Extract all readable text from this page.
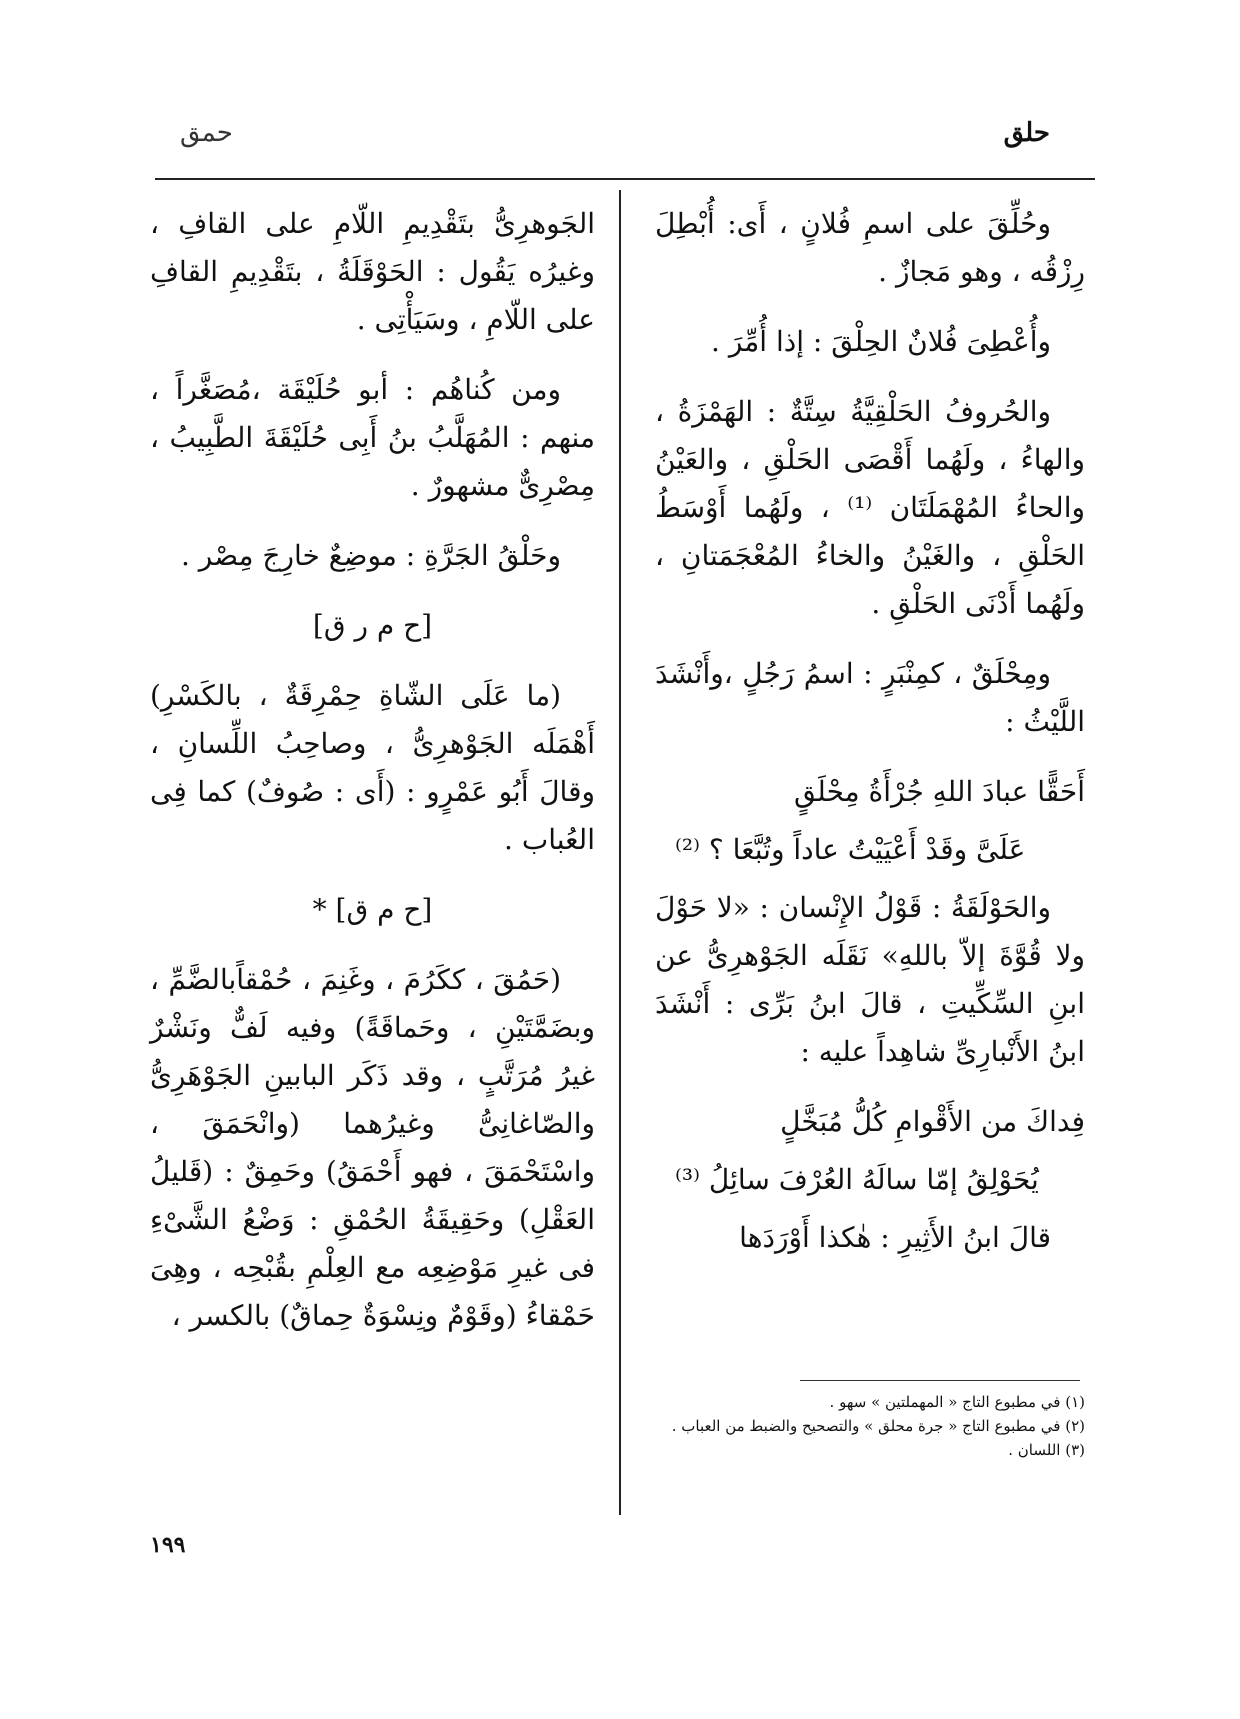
حلق
حمق

وحُلِّقَ على اسمِ فُلانٍ ، أَى: أُبْطِلَ رِزْقُه ، وهو مَجازٌ .

وأُعْطِىَ فُلانٌ الحِلْقَ : إذا أُمِّرَ .

والحُروفُ الحَلْقِيَّةُ سِتَّةٌ : الهَمْزَةُ ، والهاءُ ، ولَهُما أَقْصَى الحَلْقِ ، والعَيْنُ والحاءُ المُهْمَلَتَان ⁽¹⁾ ، ولَهُما أَوْسَطُ الحَلْقِ ، والغَيْنُ والخاءُ المُعْجَمَتانِ ، ولَهُما أَدْنَى الحَلْقِ .

ومِحْلَقٌ ، كمِنْبَرٍ : اسمُ رَجُلٍ ،وأَنْشَدَ اللَّيْثُ :

أَحَقًّا عبادَ اللهِ جُرْأَةُ مِحْلَقٍ
عَلَىَّ وقَدْ أَعْيَيْتُ عاداً وتُبَّعَا ؟ ⁽²⁾

والحَوْلَقَةُ : قَوْلُ الإِنْسان : «لا حَوْلَ ولا قُوَّةَ إلاّ باللهِ» نَقَلَه الجَوْهرِىُّ عن ابنِ السِّكِّيتِ ، قالَ ابنُ بَرِّى : أَنْشَدَ ابنُ الأَنْبارِىِّ شاهِداً عليه :

فِداكَ من الأَقْوامِ كُلُّ مُبَخَّلٍ
يُحَوْلِقُ إمّا سالَهُ العُرْفَ سائِلُ ⁽³⁾

قالَ ابنُ الأَثِيرِ : هٰكذا أَوْرَدَها

الجَوهرِىُّ بتَقْدِيمِ اللّامِ على القافِ ، وغيرُه يَقُول : الحَوْقَلَةُ ، بتَقْدِيمِ القافِ على اللّامِ ، وسَيَأْتِى .

ومن كُناهُم : أبو حُلَيْقَة ،مُصَغَّراً ، منهم : المُهَلَّبُ بنُ أَبِى حُلَيْقَةَ الطَّبِيبُ ، مِصْرِىٌّ مشهورٌ .

وحَلْقُ الجَرَّةِ : موضِعٌ خارِجَ مِصْر .

[ح م ر ق]

(ما عَلَى الشّاةِ حِمْرِقَةٌ ، بالكَسْرِ) أَهْمَلَه الجَوْهرِىُّ ، وصاحِبُ اللِّسانِ ، وقالَ أَبُو عَمْرٍو : (أَى : صُوفٌ) كما فِى العُباب .

[ح م ق] *

(حَمُقَ ، ككَرُمَ ، وغَنِمَ ، حُمْقاًبالضَّمِّ ، وبضَمَّتَيْنِ ، وحَماقَةً) وفيه لَفٌّ ونَشْرٌ غيرُ مُرَتَّبٍ ، وقد ذَكَر البابينِ الجَوْهَرِىُّ والصّاغانِىُّ وغيرُهما (وانْحَمَقَ ، واسْتَحْمَقَ ، فهو أَحْمَقُ) وحَمِقٌ : (قَليلُ العَقْلِ) وحَقِيقَةُ الحُمْقِ : وَضْعُ الشَّىْءِ فى غيرِ مَوْضِعِه مع العِلْمِ بقُبْحِه ، وهِىَ حَمْقاءُ (وقَوْمٌ ونِسْوَةٌ حِماقٌ) بالكسر ،

(١) في مطبوع التاج « المهملتين » سهو .
(٢) في مطبوع التاج « جرة محلق » والتصحيح والضبط من العباب .
(٣) اللسان .
١٩٩
